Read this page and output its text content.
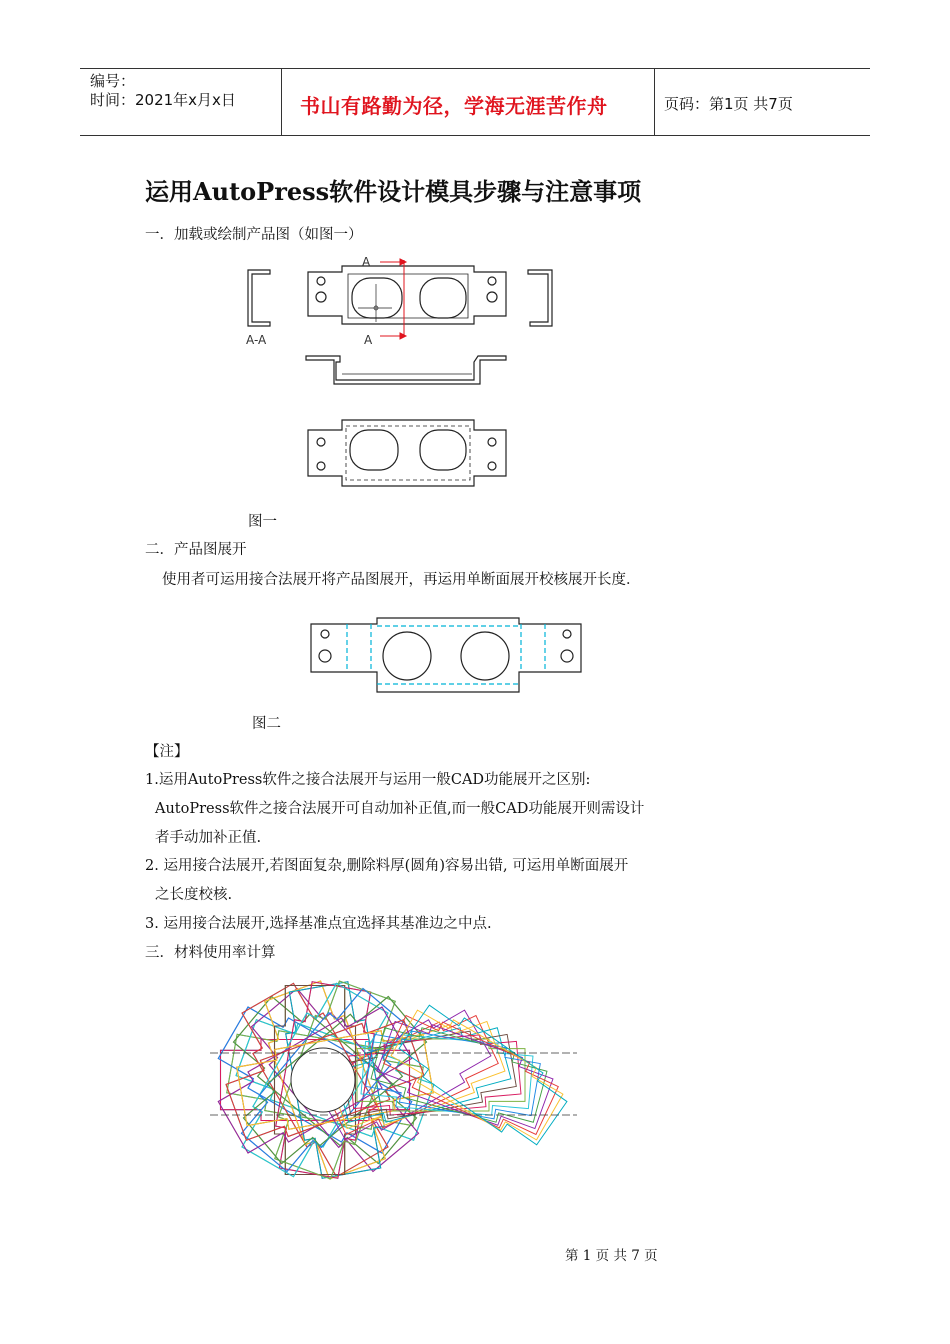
编号：
时间：2021年x月x日	书山有路勤为径，学海无涯苦作舟	页码：第1页 共7页
运用AutoPress软件设计模具步骤与注意事项
一．加载或绘制产品图（如图一）
A
A
A-A
图一
二．产品图展开
使用者可运用接合法展开将产品图展开，再运用单断面展开校核展开长度．
图二
【注】
1.运用AutoPress软件之接合法展开与运用一般CAD功能展开之区别:
AutoPress软件之接合法展开可自动加补正值,而一般CAD功能展开则需设计
者手动加补正值.
2. 运用接合法展开,若图面复杂,删除料厚(圆角)容易出错, 可运用单断面展开
之长度校核.
3. 运用接合法展开,选择基准点宜选择其基准边之中点.
三．材料使用率计算
第 1 页 共 7 页
